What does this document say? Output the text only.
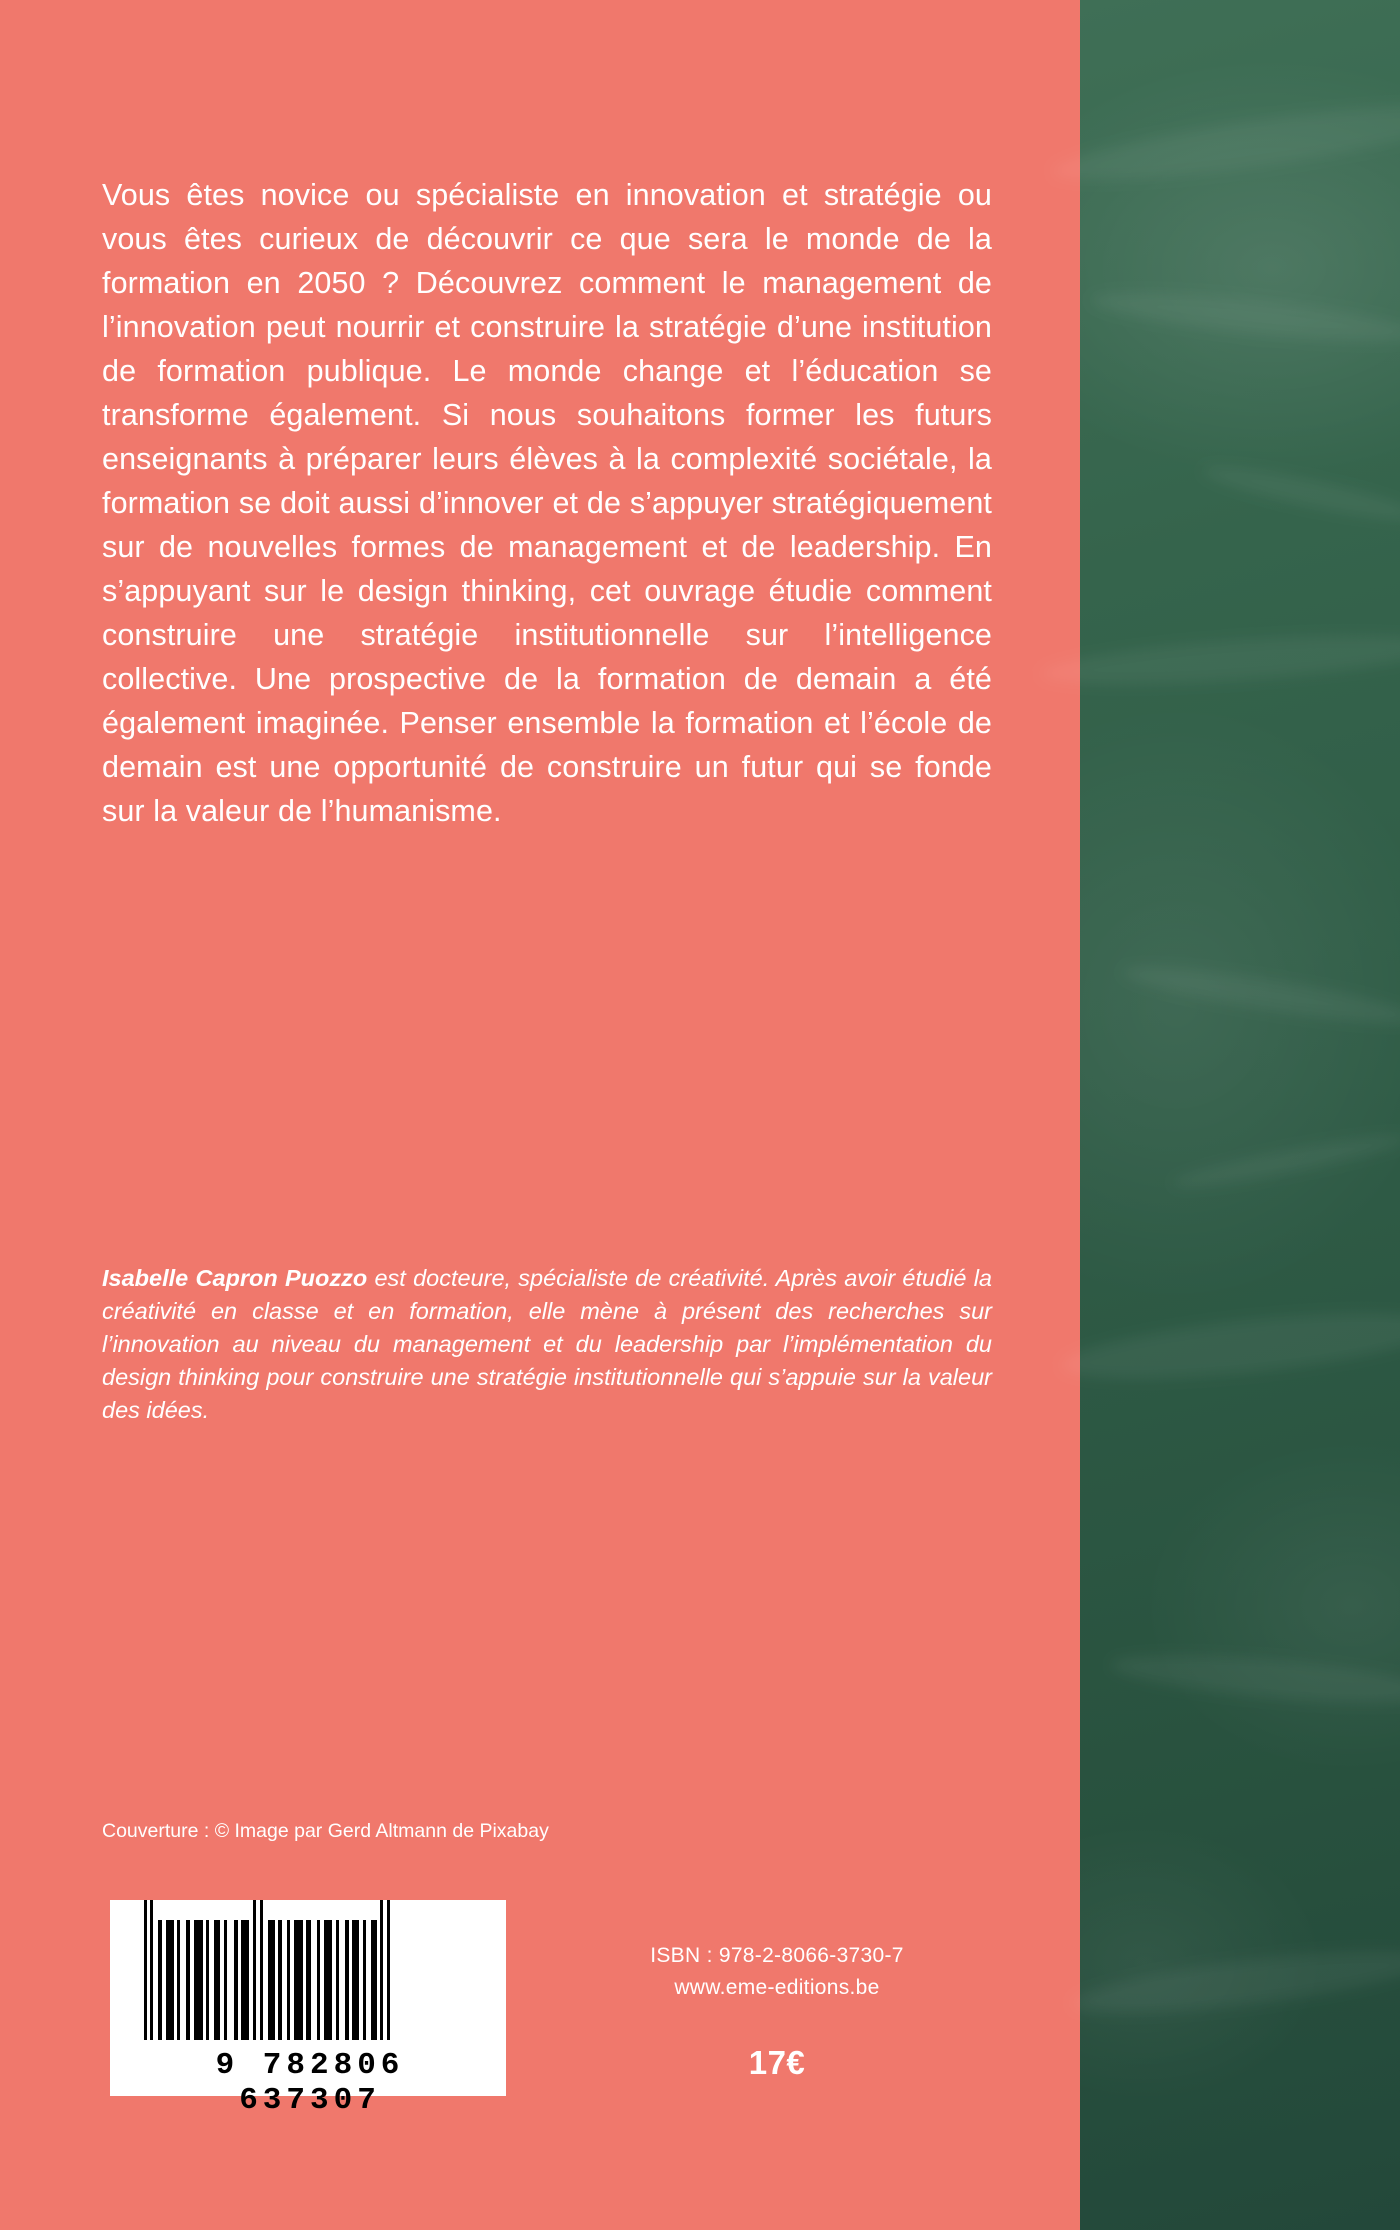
Vous êtes novice ou spécialiste en innovation et stratégie ou vous êtes curieux de découvrir ce que sera le monde de la formation en 2050 ? Découvrez comment le management de l’innovation peut nourrir et construire la stratégie d’une institution de formation publique. Le monde change et l’éducation se transforme également. Si nous souhaitons former les futurs enseignants à préparer leurs élèves à la complexité sociétale, la formation se doit aussi d’innover et de s’appuyer stratégiquement sur de nouvelles formes de management et de leadership. En s’appuyant sur le design thinking, cet ouvrage étudie comment construire une stratégie institutionnelle sur l’intelligence collective. Une prospective de la formation de demain a été également imaginée. Penser ensemble la formation et l’école de demain est une opportunité de construire un futur qui se fonde sur la valeur de l’humanisme.

Isabelle Capron Puozzo est docteure, spécialiste de créativité. Après avoir étudié la créativité en classe et en formation, elle mène à présent des recherches sur l’innovation au niveau du management et du leadership par l’implémentation du design thinking pour construire une stratégie institutionnelle qui s’appuie sur la valeur des idées.

Couverture : © Image par Gerd Altmann de Pixabay

9 782806 637307
ISBN : 978-2-8066-3730-7
www.eme-editions.be
17€
